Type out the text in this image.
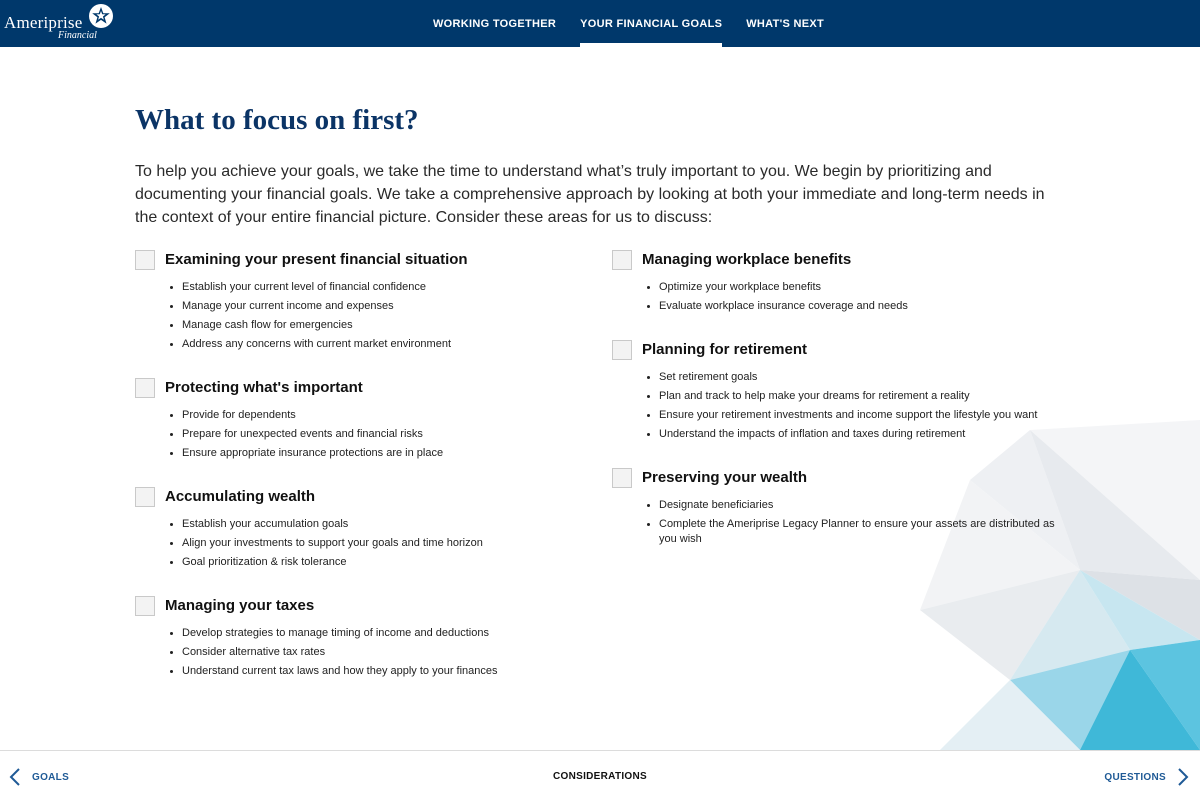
Ameriprise
Financial
WORKING TOGETHER	YOUR FINANCIAL GOALS	WHAT'S NEXT
What to focus on first?

To help you achieve your goals, we take the time to understand what’s truly important to you. We begin by prioritizing and documenting your financial goals. We take a comprehensive approach by looking at both your immediate and long-term needs in the context of your entire financial picture. Consider these areas for us to discuss:

Examining your present financial situation
Establish your current level of financial confidence
Manage your current income and expenses
Manage cash flow for emergencies
Address any concerns with current market environment
Protecting what's important
Provide for dependents
Prepare for unexpected events and financial risks
Ensure appropriate insurance protections are in place
Accumulating wealth
Establish your accumulation goals
Align your investments to support your goals and time horizon
Goal prioritization & risk tolerance
Managing your taxes
Develop strategies to manage timing of income and deductions
Consider alternative tax rates
Understand current tax laws and how they apply to your finances
Managing workplace benefits
Optimize your workplace benefits
Evaluate workplace insurance coverage and needs
Planning for retirement
Set retirement goals
Plan and track to help make your dreams for retirement a reality
Ensure your retirement investments and income support the lifestyle you want
Understand the impacts of inflation and taxes during retirement
Preserving your wealth
Designate beneficiaries
Complete the Ameriprise Legacy Planner to ensure your assets are distributed as you wish
GOALS	CONSIDERATIONS	QUESTIONS
